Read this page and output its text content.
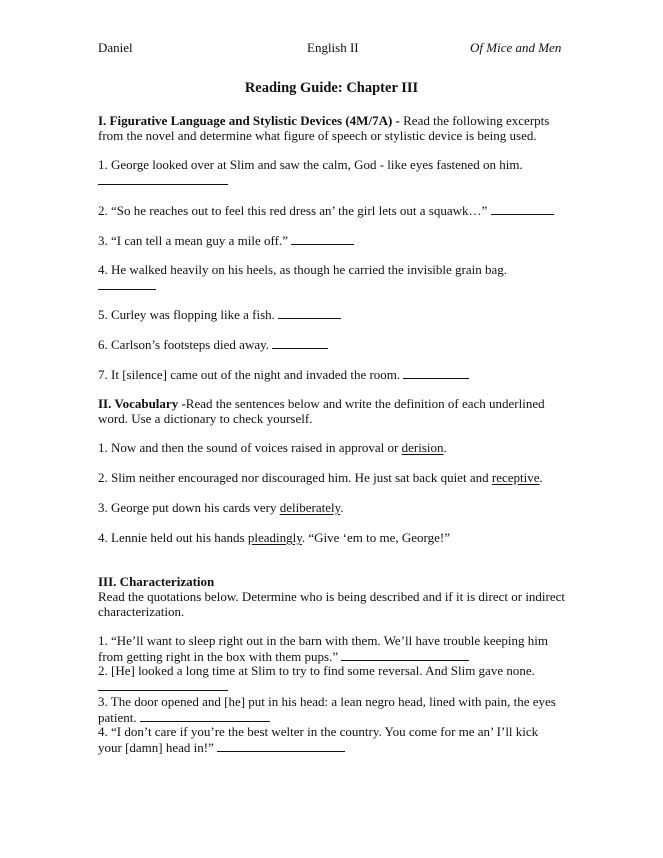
Daniel	English II	Of Mice and Men
Reading Guide: Chapter III
I. Figurative Language and Stylistic Devices (4M/7A) - Read the following excerpts
from the novel and determine what figure of speech or stylistic device is being used.
1. George looked over at Slim and saw the calm, God - like eyes fastened on him.
2. “So he reaches out to feel this red dress an’ the girl lets out a squawk…”
3. “I can tell a mean guy a mile off.”
4. He walked heavily on his heels, as though he carried the invisible grain bag.
5. Curley was flopping like a fish.
6. Carlson’s footsteps died away.
7. It [silence] came out of the night and invaded the room.
II. Vocabulary -Read the sentences below and write the definition of each underlined
word. Use a dictionary to check yourself.
1. Now and then the sound of voices raised in approval or derision.
2. Slim neither encouraged nor discouraged him. He just sat back quiet and receptive.
3. George put down his cards very deliberately.
4. Lennie held out his hands pleadingly. “Give ‘em to me, George!”
III. Characterization
Read the quotations below. Determine who is being described and if it is direct or indirect
characterization.
1. “He’ll want to sleep right out in the barn with them. We’ll have trouble keeping him
from getting right in the box with them pups.”
2. [He] looked a long time at Slim to try to find some reversal. And Slim gave none.
3. The door opened and [he] put in his head: a lean negro head, lined with pain, the eyes
patient.
4. “I don’t care if you’re the best welter in the country. You come for me an’ I’ll kick
your [damn] head in!”
